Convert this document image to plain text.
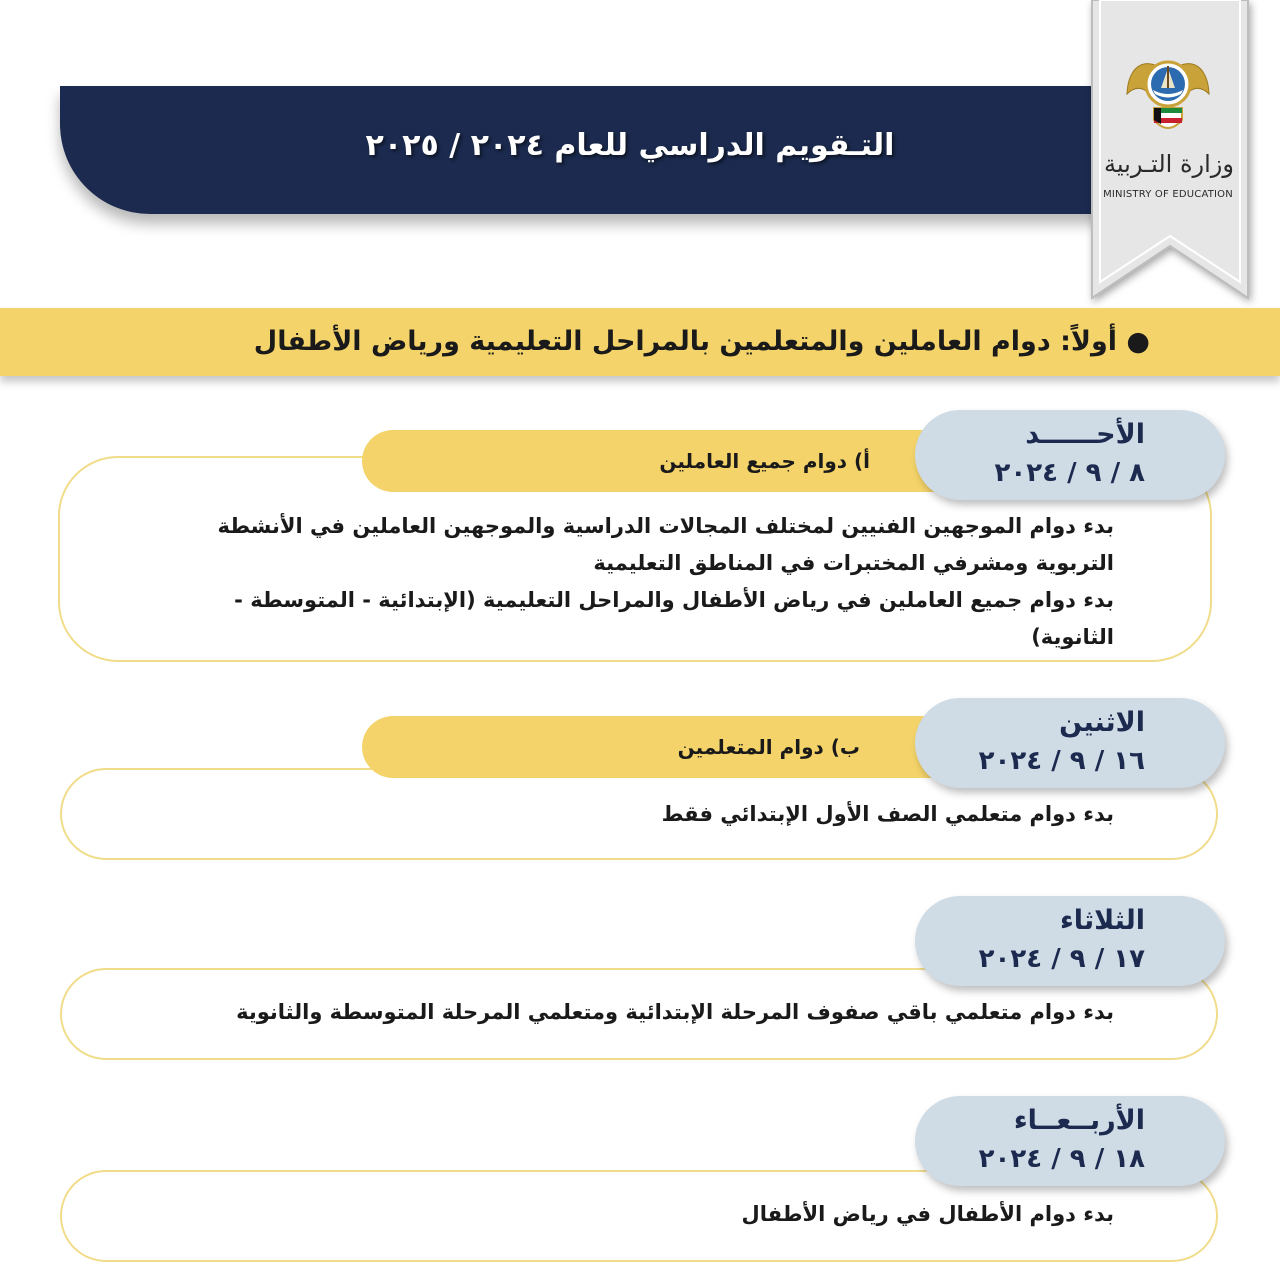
التـقويم الدراسي للعام ٢٠٢٤ / ٢٠٢٥
وزارة التـربية
MINISTRY OF EDUCATION
● أولاً: دوام العاملين والمتعلمين بالمراحل التعليمية ورياض الأطفال
أ) دوام جميع العاملين
الأحــــــد
٨ / ٩ / ٢٠٢٤
بدء دوام الموجهين الفنيين لمختلف المجالات الدراسية والموجهين العاملين في الأنشطة
التربوية ومشرفي المختبرات في المناطق التعليمية
بدء دوام جميع العاملين في رياض الأطفال والمراحل التعليمية (الإبتدائية - المتوسطة -
الثانوية)
ب) دوام المتعلمين
الاثنين
١٦ / ٩ / ٢٠٢٤
بدء دوام متعلمي الصف الأول الإبتدائي فقط
الثلاثاء
١٧ / ٩ / ٢٠٢٤
بدء دوام متعلمي باقي صفوف المرحلة الإبتدائية ومتعلمي المرحلة المتوسطة والثانوية
الأربــعــاء
١٨ / ٩ / ٢٠٢٤
بدء دوام الأطفال في رياض الأطفال
